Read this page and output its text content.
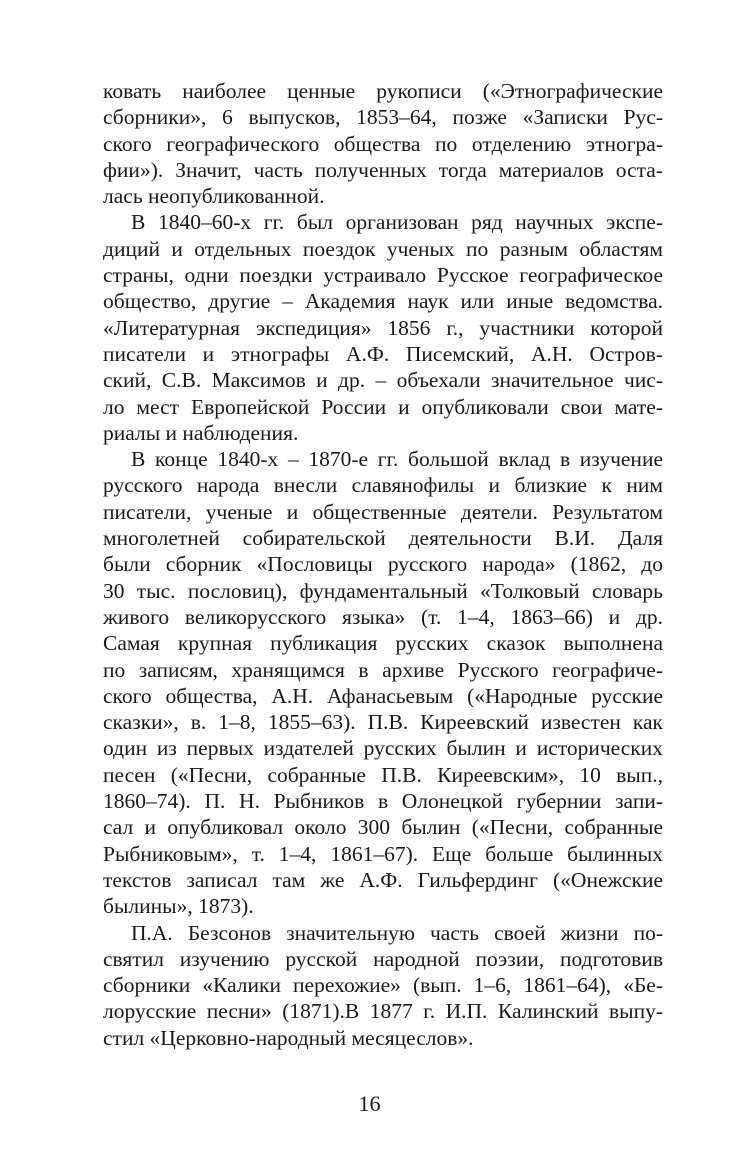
ковать наиболее ценные рукописи («Этнографические
сборники», 6 выпусков, 1853–64, позже «Записки Рус-
ского географического общества по отделению этногра-
фии»). Значит, часть полученных тогда материалов оста-
лась неопубликованной.
В 1840–60-х гг. был организован ряд научных экспе-
диций и отдельных поездок ученых по разным областям
страны, одни поездки устраивало Русское географическое
общество, другие – Академия наук или иные ведомства.
«Литературная экспедиция» 1856 г., участники которой
писатели и этнографы А.Ф. Писемский, А.Н. Остров-
ский, С.В. Максимов и др. – объехали значительное чис-
ло мест Европейской России и опубликовали свои мате-
риалы и наблюдения.
В конце 1840-х – 1870-е гг. большой вклад в изучение
русского народа внесли славянофилы и близкие к ним
писатели, ученые и общественные деятели. Результатом
многолетней собирательской деятельности В.И. Даля
были сборник «Пословицы русского народа» (1862, до
30 тыс. пословиц), фундаментальный «Толковый словарь
живого великорусского языка» (т. 1–4, 1863–66) и др.
Самая крупная публикация русских сказок выполнена
по записям, хранящимся в архиве Русского географиче-
ского общества, А.Н. Афанасьевым («Народные русские
сказки», в. 1–8, 1855–63). П.В. Киреевский известен как
один из первых издателей русских былин и исторических
песен («Песни, собранные П.В. Киреевским», 10 вып.,
1860–74). П. Н. Рыбников в Олонецкой губернии запи-
сал и опубликовал около 300 былин («Песни, собранные
Рыбниковым», т. 1–4, 1861–67). Еще больше былинных
текстов записал там же А.Ф. Гильфердинг («Онежские
былины», 1873).
П.А. Безсонов значительную часть своей жизни по-
святил изучению русской народной поэзии, подготовив
сборники «Калики перехожие» (вып. 1–6, 1861–64), «Бе-
лорусские песни» (1871).В 1877 г. И.П. Калинский выпу-
стил «Церковно-народный месяцеслов».
16
